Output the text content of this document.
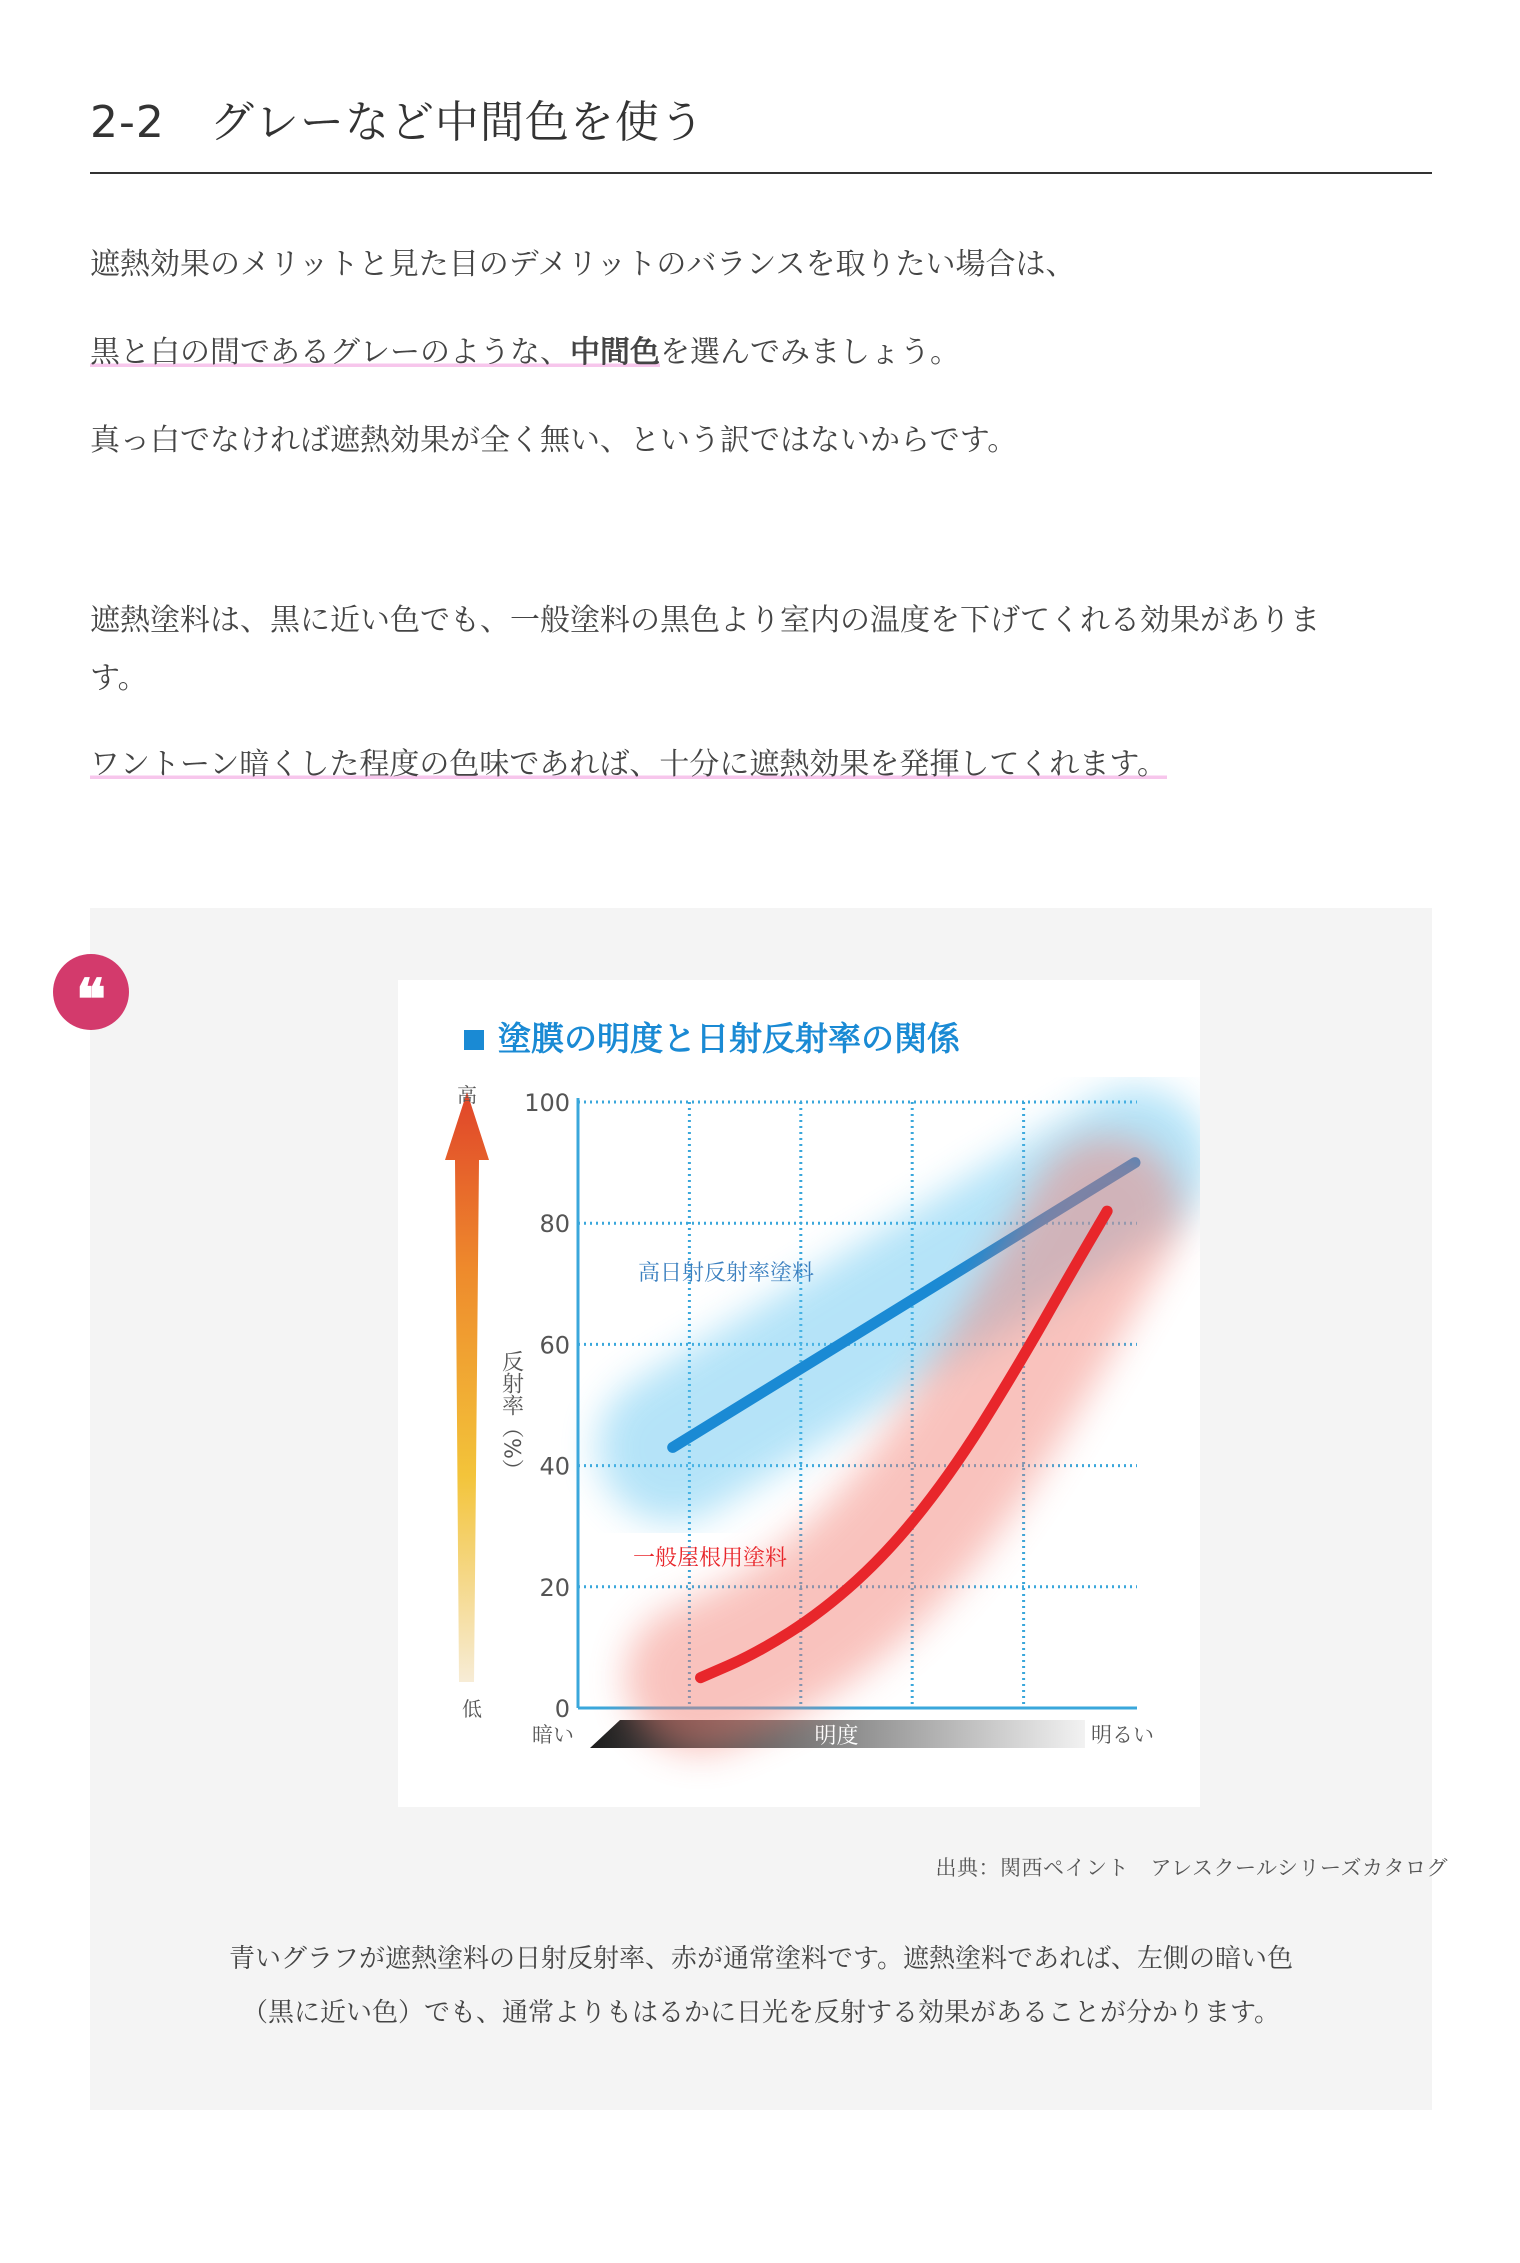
2-2　グレーなど中間色を使う

遮熱効果のメリットと見た目のデメリットのバランスを取りたい場合は、

黒と白の間であるグレーのような、中間色を選んでみましょう。

真っ白でなければ遮熱効果が全く無い、という訳ではないからです。

遮熱塗料は、黒に近い色でも、一般塗料の黒色より室内の温度を下げてくれる効果がありま
す。

ワントーン暗くした程度の色味であれば、十分に遮熱効果を発揮してくれます。

❝
塗膜の明度と日射反射率の関係
高
低
反射率（%）
0
20
40
60
80
100
明度
暗い	明るい
高日射反射率塗料
一般屋根用塗料

出典：関西ペイント　アレスクールシリーズカタログ

青いグラフが遮熱塗料の日射反射率、赤が通常塗料です。遮熱塗料であれば、左側の暗い色
（黒に近い色）でも、通常よりもはるかに日光を反射する効果があることが分かります。
